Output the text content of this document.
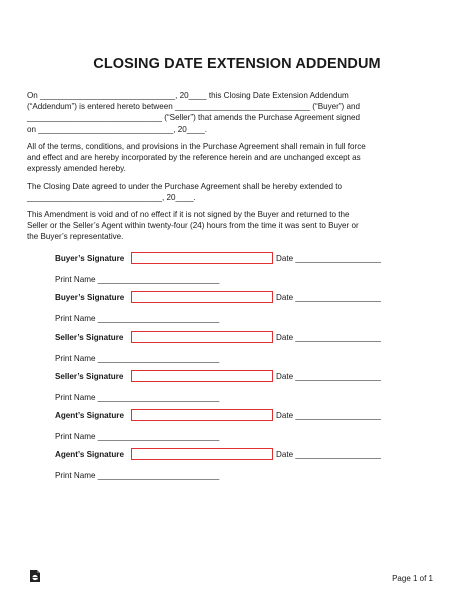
CLOSING DATE EXTENSION ADDENDUM
On ______________________________, 20____ this Closing Date Extension Addendum
(“Addendum”) is entered hereto between ______________________________ (“Buyer”) and
______________________________ (“Seller”) that amends the Purchase Agreement signed
on ______________________________, 20____.
All of the terms, conditions, and provisions in the Purchase Agreement shall remain in full force
and effect and are hereby incorporated by the reference herein and are unchanged except as
expressly amended hereby.
The Closing Date agreed to under the Purchase Agreement shall be hereby extended to
______________________________, 20____.
This Amendment is void and of no effect if it is not signed by the Buyer and returned to the
Seller or the Seller’s Agent within twenty-four (24) hours from the time it was sent to Buyer or
the Buyer’s representative.
Buyer’s Signature	Date ___________________
Print Name ___________________________
Buyer’s Signature	Date ___________________
Print Name ___________________________
Seller’s Signature	Date ___________________
Print Name ___________________________
Seller’s Signature	Date ___________________
Print Name ___________________________
Agent’s Signature	Date ___________________
Print Name ___________________________
Agent’s Signature	Date ___________________
Print Name ___________________________
Page 1 of 1
